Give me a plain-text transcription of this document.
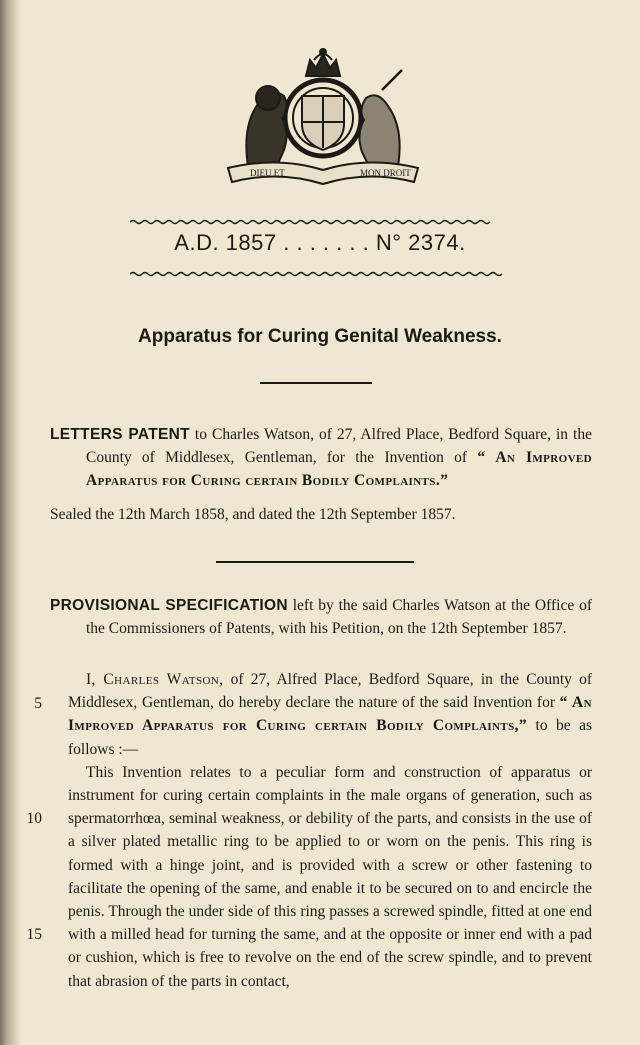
DIEU ET	MON DROIT
A.D. 1857 . . . . . . . N° 2374.
Apparatus for Curing Genital Weakness.

LETTERS PATENT to Charles Watson, of 27, Alfred Place, Bedford Square, in the County of Middlesex, Gentleman, for the Invention of “ An Improved Apparatus for Curing certain Bodily Complaints.”

Sealed the 12th March 1858, and dated the 12th September 1857.

PROVISIONAL SPECIFICATION left by the said Charles Watson at the Office of the Commissioners of Patents, with his Petition, on the 12th September 1857.

I, Charles Watson, of 27, Alfred Place, Bedford Square, in the County of Middlesex, Gentleman, do hereby declare the nature of the said Invention for “ An Improved Apparatus for Curing certain Bodily Complaints,” to be as follows :—

This Invention relates to a peculiar form and construction of apparatus or instrument for curing certain complaints in the male organs of generation, such as spermatorrhœa, seminal weakness, or debility of the parts, and consists in the use of a silver plated metallic ring to be applied to or worn on the penis. This ring is formed with a hinge joint, and is provided with a screw or other fastening to facilitate the opening of the same, and enable it to be secured on to and encircle the penis. Through the under side of this ring passes a screwed spindle, fitted at one end with a milled head for turning the same, and at the opposite or inner end with a pad or cushion, which is free to revolve on the end of the screw spindle, and to prevent that abrasion of the parts in contact,

5
10
15
